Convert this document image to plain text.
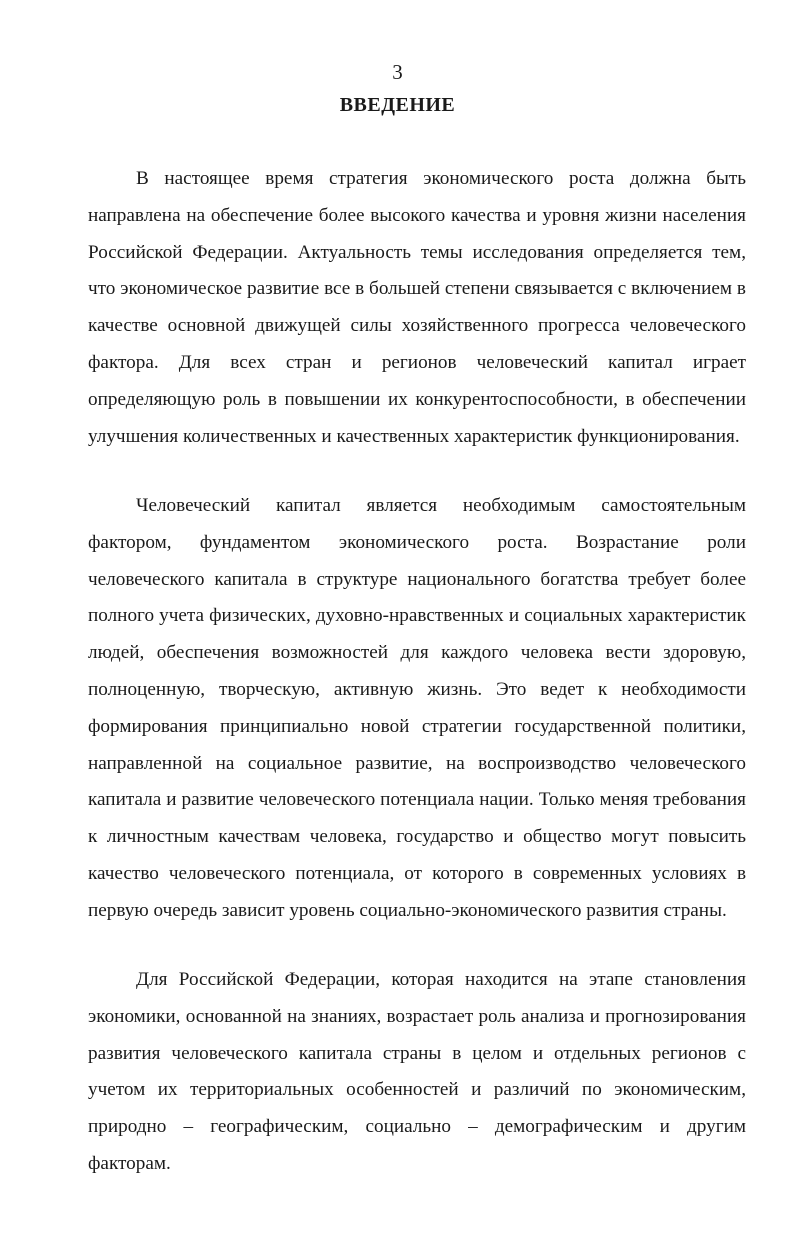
3
ВВЕДЕНИЕ

В настоящее время стратегия экономического роста должна быть направлена на обеспечение более высокого качества и уровня жизни населения Российской Федерации. Актуальность темы исследования определяется тем, что экономическое развитие все в большей степени связывается с включением в качестве основной движущей силы хозяйственного прогресса человеческого фактора. Для всех стран и регионов человеческий капитал играет определяющую роль в повышении их конкурентоспособности, в обеспечении улучшения количественных и качественных характеристик функционирования.

Человеческий капитал является необходимым самостоятельным фактором, фундаментом экономического роста. Возрастание роли человеческого капитала в структуре национального богатства требует более полного учета физических, духовно-нравственных и социальных характеристик людей, обеспечения возможностей для каждого человека вести здоровую, полноценную, творческую, активную жизнь. Это ведет к необходимости формирования принципиально новой стратегии государственной политики, направленной на социальное развитие, на воспроизводство человеческого капитала и развитие человеческого потенциала нации. Только меняя требования к личностным качествам человека, государство и общество могут повысить качество человеческого потенциала, от которого в современных условиях в первую очередь зависит уровень социально-экономического развития страны.

Для Российской Федерации, которая находится на этапе становления экономики, основанной на знаниях, возрастает роль анализа и прогнозирования развития человеческого капитала страны в целом и отдельных регионов с учетом их территориальных особенностей и различий по экономическим, природно – географическим, социально – демографическим и другим факторам.
